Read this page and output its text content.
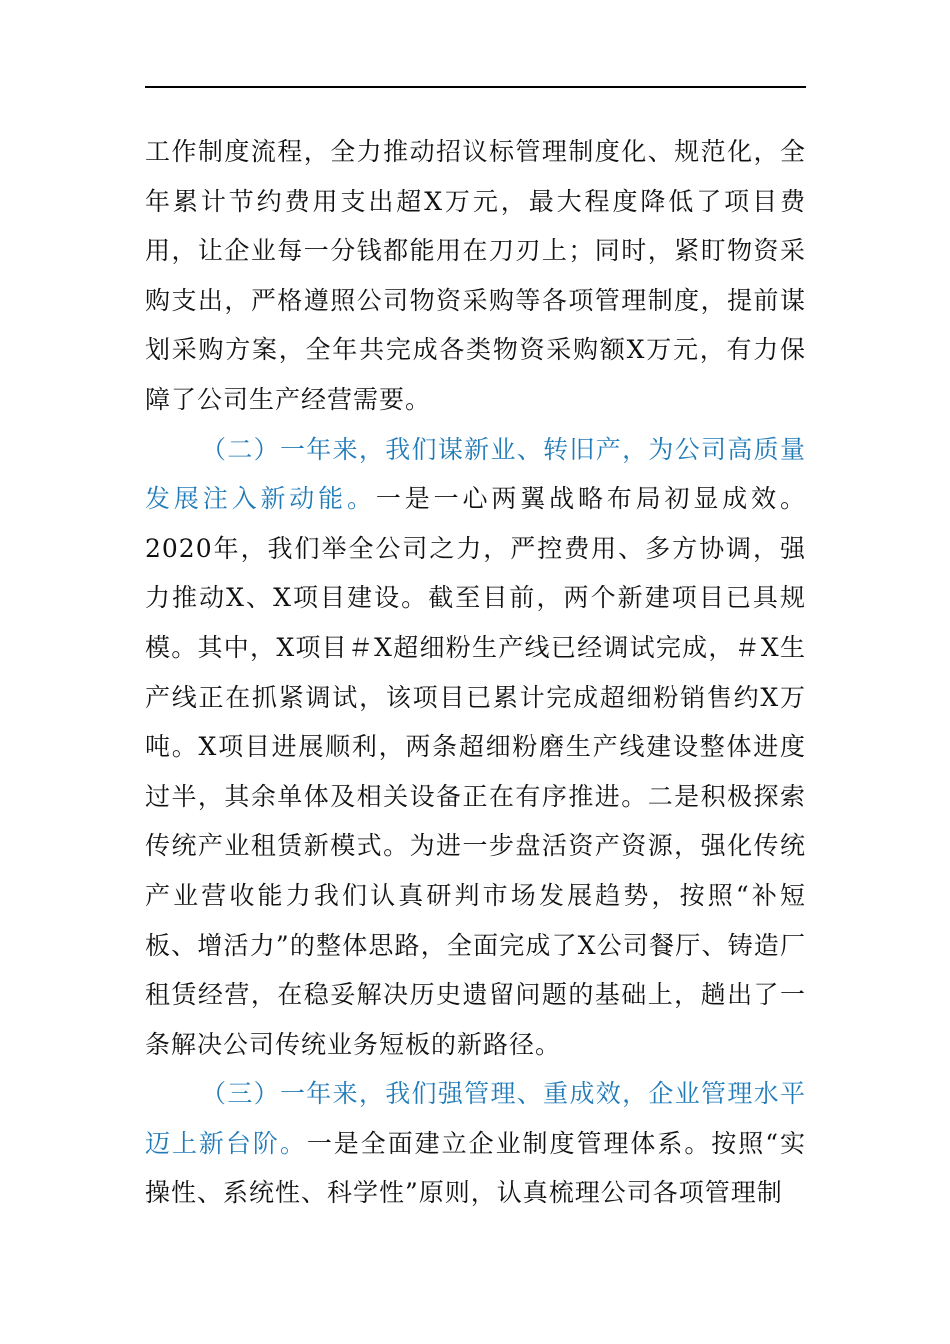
工作制度流程，全力推动招议标管理制度化、规范化，全年累计节约费用支出超X万元，最大程度降低了项目费用，让企业每一分钱都能用在刀刃上；同时，紧盯物资采购支出，严格遵照公司物资采购等各项管理制度，提前谋划采购方案，全年共完成各类物资采购额X万元，有力保障了公司生产经营需要。

（二）一年来，我们谋新业、转旧产，为公司高质量发展注入新动能。一是一心两翼战略布局初显成效。2020年，我们举全公司之力，严控费用、多方协调，强力推动X、X项目建设。截至目前，两个新建项目已具规模。其中，X项目＃X超细粉生产线已经调试完成，＃X生产线正在抓紧调试，该项目已累计完成超细粉销售约X万吨。X项目进展顺利，两条超细粉磨生产线建设整体进度过半，其余单体及相关设备正在有序推进。二是积极探索传统产业租赁新模式。为进一步盘活资产资源，强化传统产业营收能力我们认真研判市场发展趋势，按照“补短板、增活力”的整体思路，全面完成了X公司餐厅、铸造厂租赁经营，在稳妥解决历史遗留问题的基础上，趟出了一条解决公司传统业务短板的新路径。

（三）一年来，我们强管理、重成效，企业管理水平迈上新台阶。一是全面建立企业制度管理体系。按照“实操性、系统性、科学性”原则，认真梳理公司各项管理制
